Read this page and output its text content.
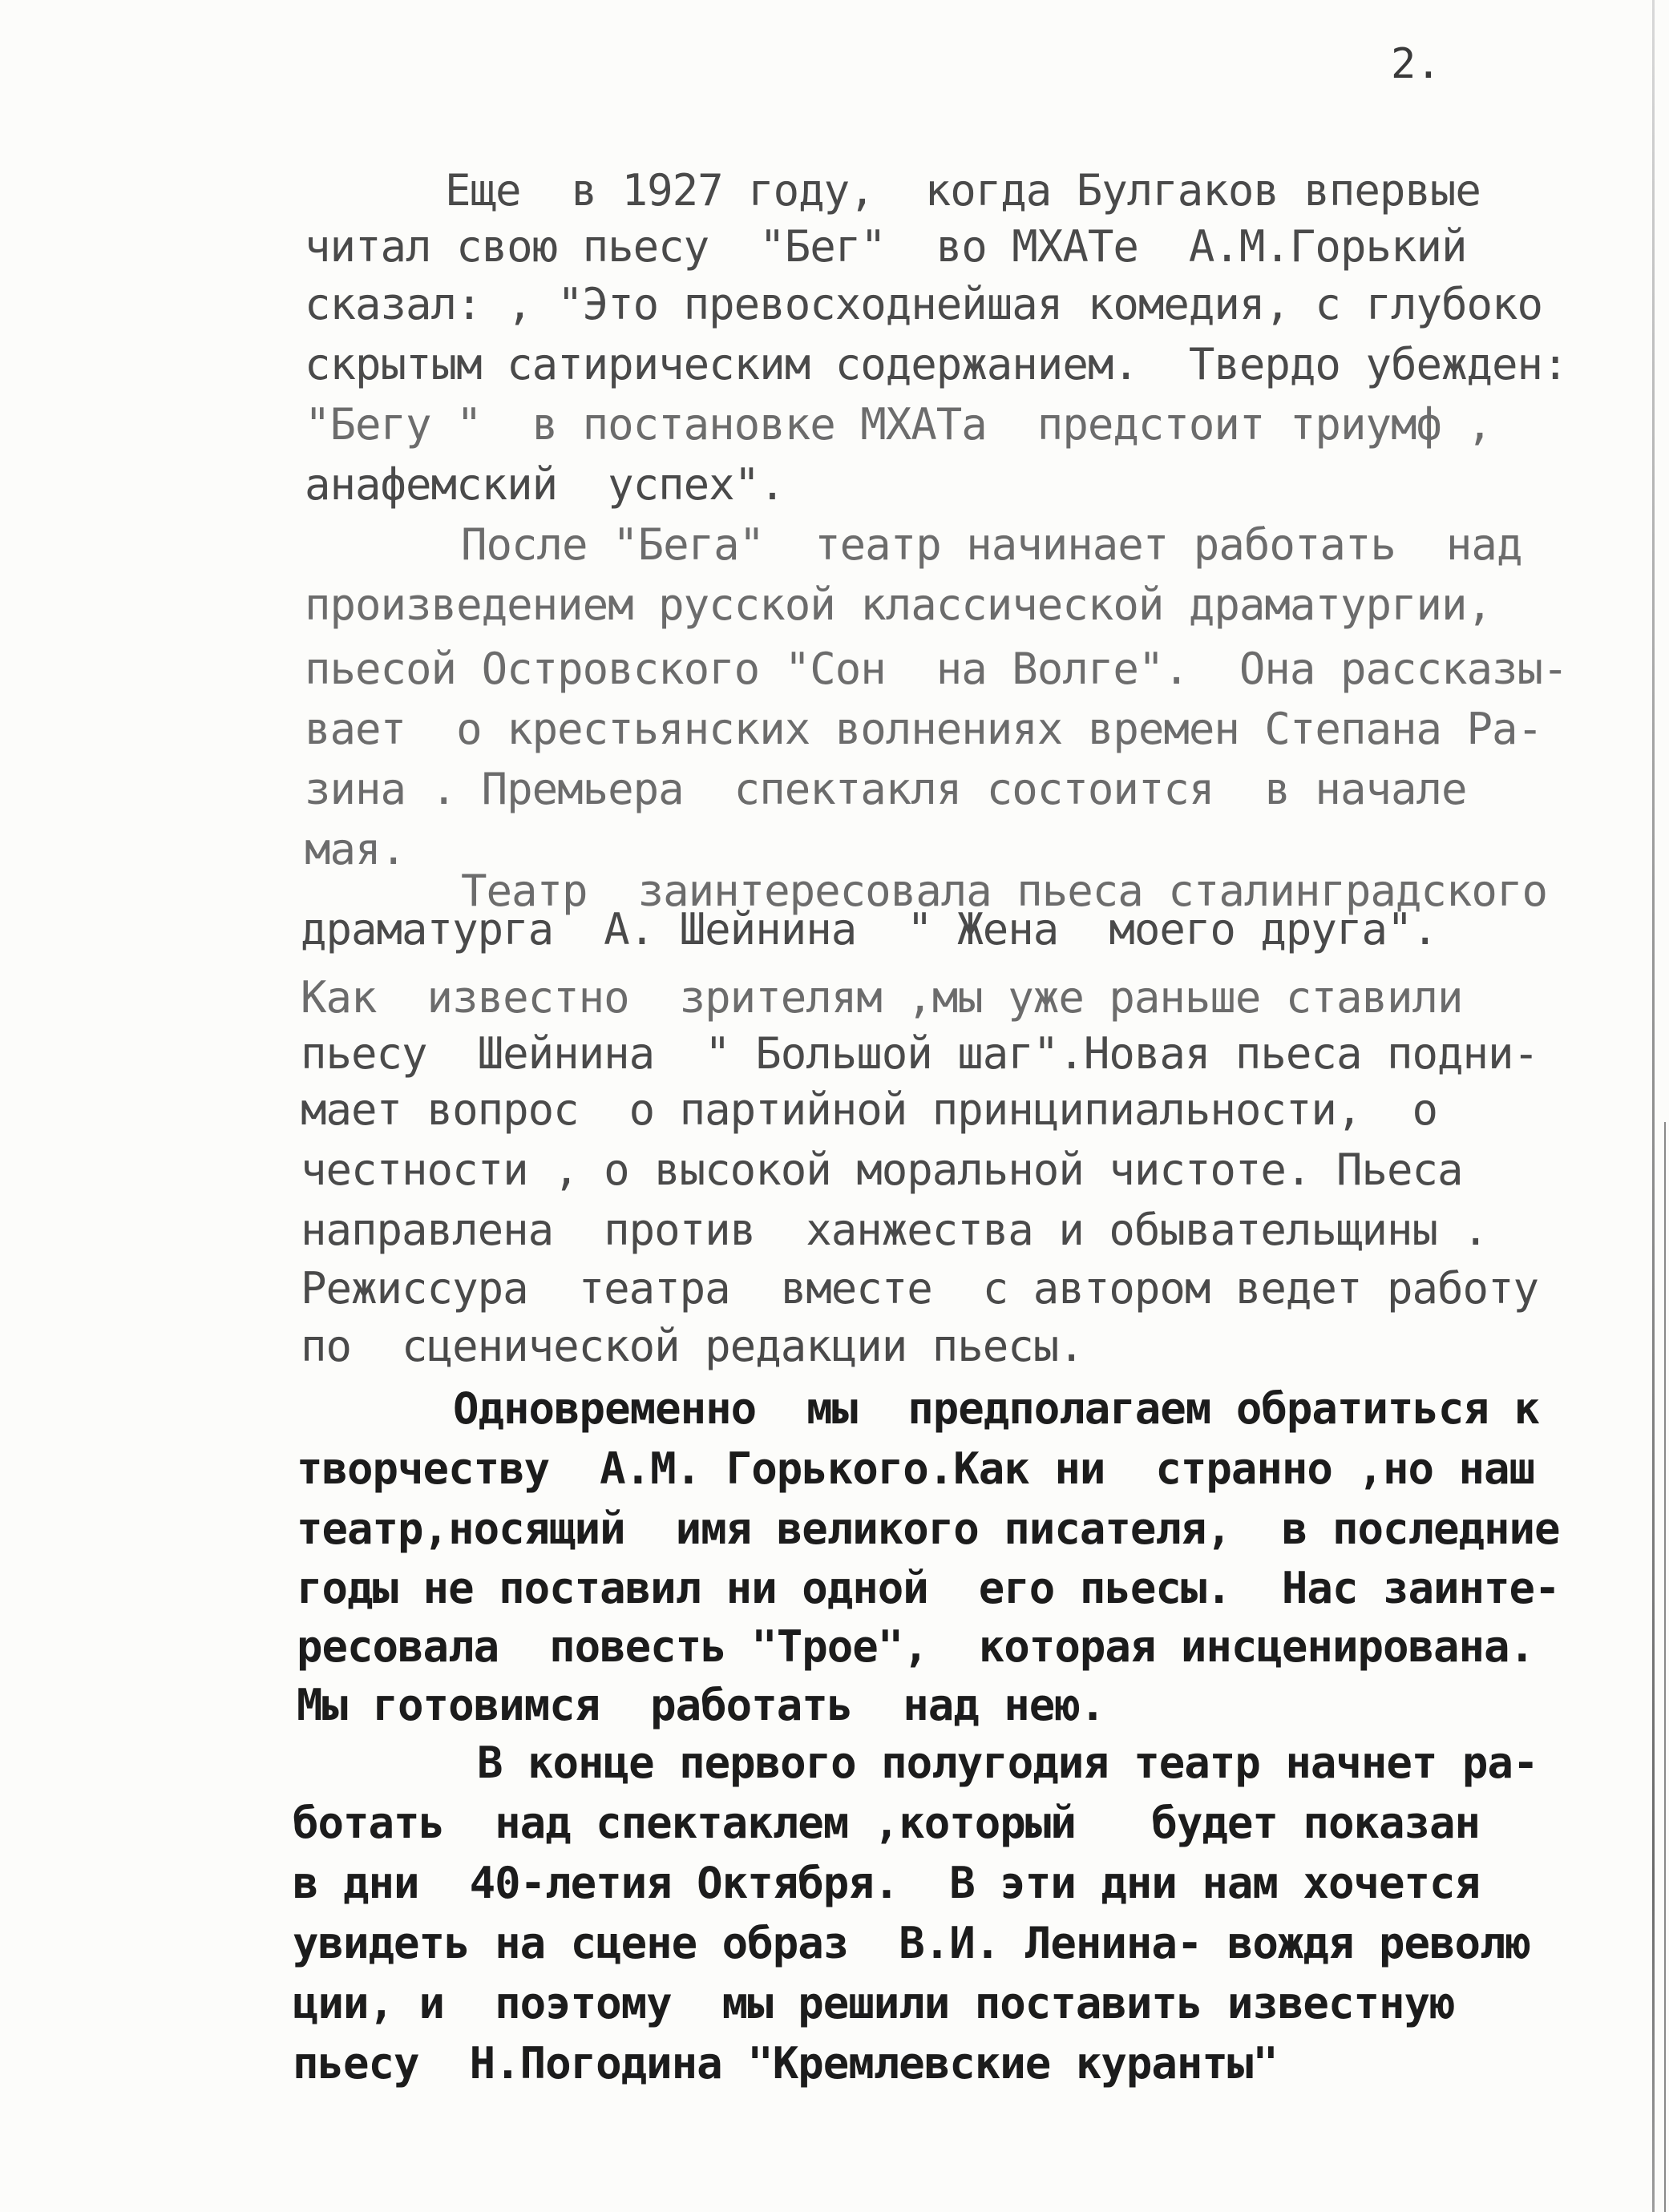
2.
Еще  в 1927 году,  когда Булгаков впервые
читал свою пьесу  "Бег"  во МХАТе  А.М.Горький
сказал: , "Это превосходнейшая комедия, с глубоко
скрытым сатирическим содержанием.  Твердо убежден:
"Бегу "  в постановке МХАТа  предстоит триумф ,
анафемский  успех".
После "Бега"  театр начинает работать  над
произведением русской классической драматургии,
пьесой Островского "Сон  на Волге".  Она рассказы-
вает  о крестьянских волнениях времен Степана Ра-
зина . Премьера  спектакля состоится  в начале
мая.
Театр  заинтересовала пьеса сталинградского
драматурга  А. Шейнина  " Жена  моего друга".
Как  известно  зрителям ,мы уже раньше ставили
пьесу  Шейнина  " Большой шаг".Новая пьеса подни-
мает вопрос  о партийной принципиальности,  о
честности , о высокой моральной чистоте. Пьеса
направлена  против  ханжества и обывательщины .
Режиссура  театра  вместе  с автором ведет работу
по  сценической редакции пьесы.
Одновременно  мы  предполагаем обратиться к
творчеству  А.М. Горького.Как ни  странно ,но наш
театр,носящий  имя великого писателя,  в последние
годы не поставил ни одной  его пьесы.  Нас заинте-
ресовала  повесть "Трое",  которая инсценирована.
Мы готовимся  работать  над нею.
В конце первого полугодия театр начнет ра-
ботать  над спектаклем ,который   будет показан
в дни  40-летия Октября.  В эти дни нам хочется
увидеть на сцене образ  В.И. Ленина- вождя револю
ции, и  поэтому  мы решили поставить известную
пьесу  Н.Погодина "Кремлевские куранты"
